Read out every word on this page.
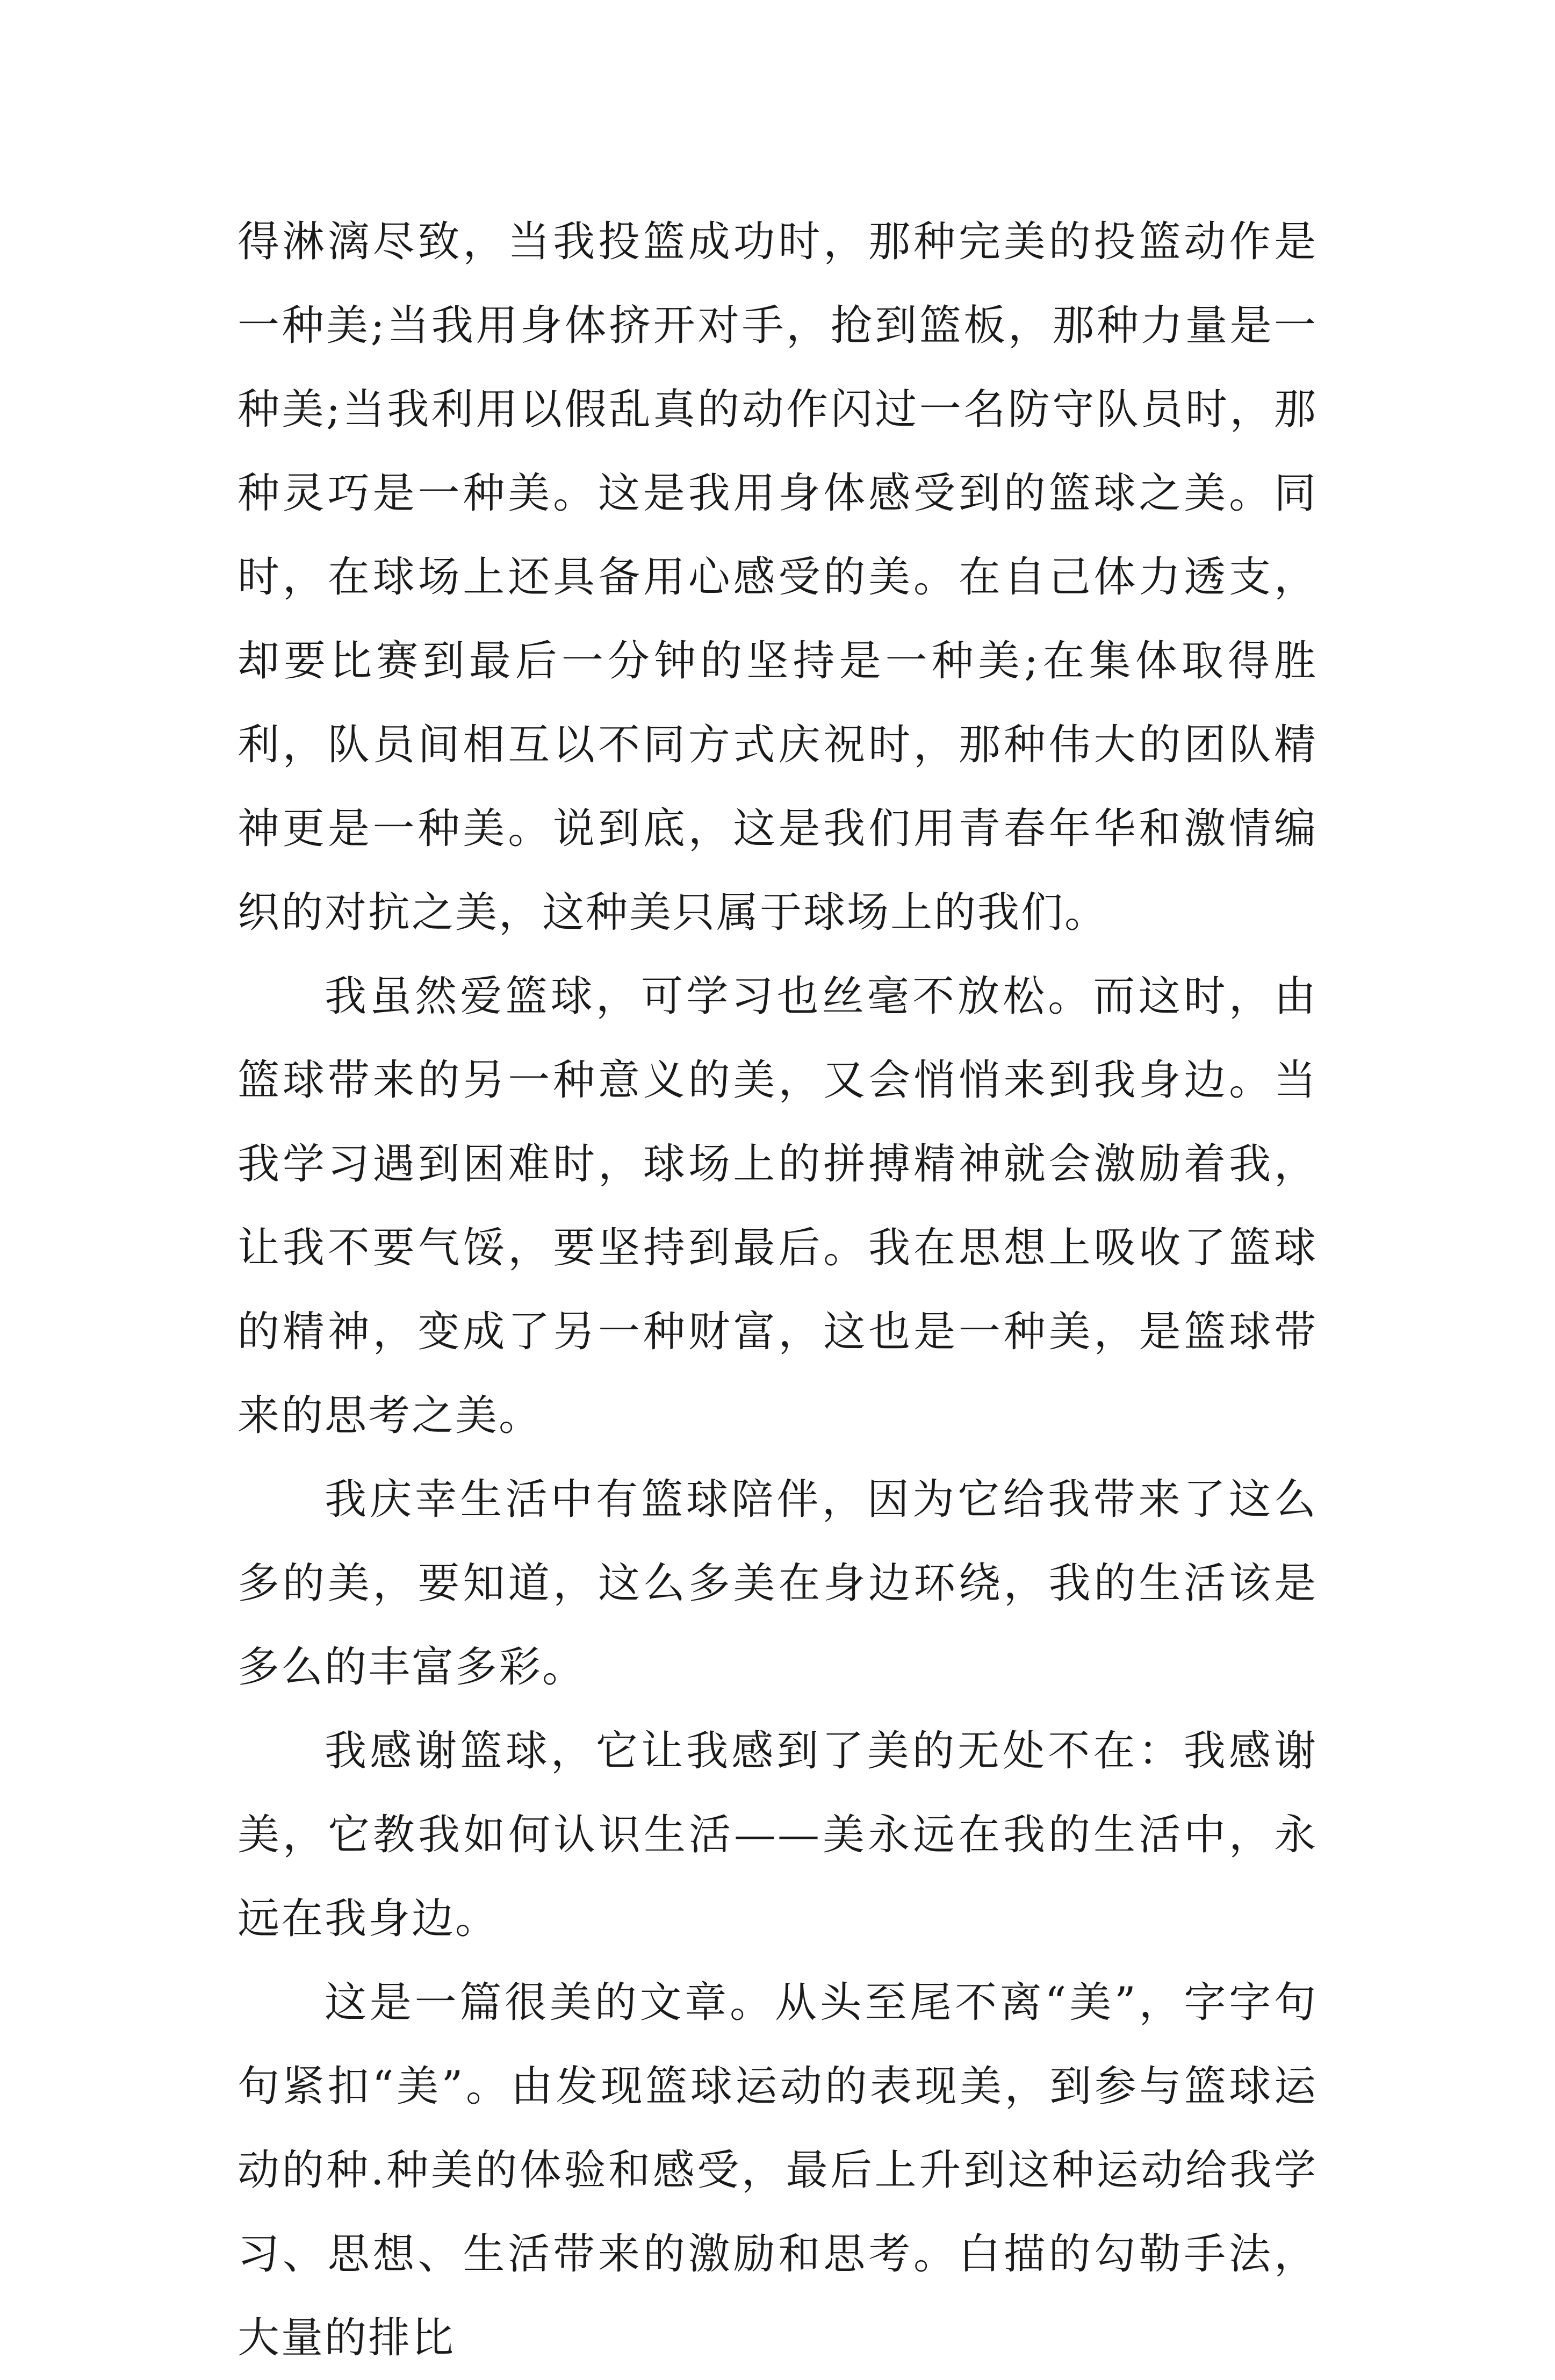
得淋漓尽致，当我投篮成功时，那种完美的投篮动作是一种美;当我用身体挤开对手，抢到篮板，那种力量是一种美;当我利用以假乱真的动作闪过一名防守队员时，那种灵巧是一种美。这是我用身体感受到的篮球之美。同时，在球场上还具备用心感受的美。在自己体力透支，却要比赛到最后一分钟的坚持是一种美;在集体取得胜利，队员间相互以不同方式庆祝时，那种伟大的团队精神更是一种美。说到底，这是我们用青春年华和激情编织的对抗之美，这种美只属于球场上的我们。

我虽然爱篮球，可学习也丝毫不放松。而这时，由篮球带来的另一种意义的美，又会悄悄来到我身边。当我学习遇到困难时，球场上的拼搏精神就会激励着我，让我不要气馁，要坚持到最后。我在思想上吸收了篮球的精神，变成了另一种财富，这也是一种美，是篮球带来的思考之美。

我庆幸生活中有篮球陪伴，因为它给我带来了这么多的美，要知道，这么多美在身边环绕，我的生活该是多么的丰富多彩。

我感谢篮球，它让我感到了美的无处不在：我感谢美，它教我如何认识生活——美永远在我的生活中，永远在我身边。

这是一篇很美的文章。从头至尾不离“美”，字字句句紧扣“美”。由发现篮球运动的表现美，到参与篮球运动的种.种美的体验和感受，最后上升到这种运动给我学习、思想、生活带来的激励和思考。白描的勾勒手法，大量的排比
